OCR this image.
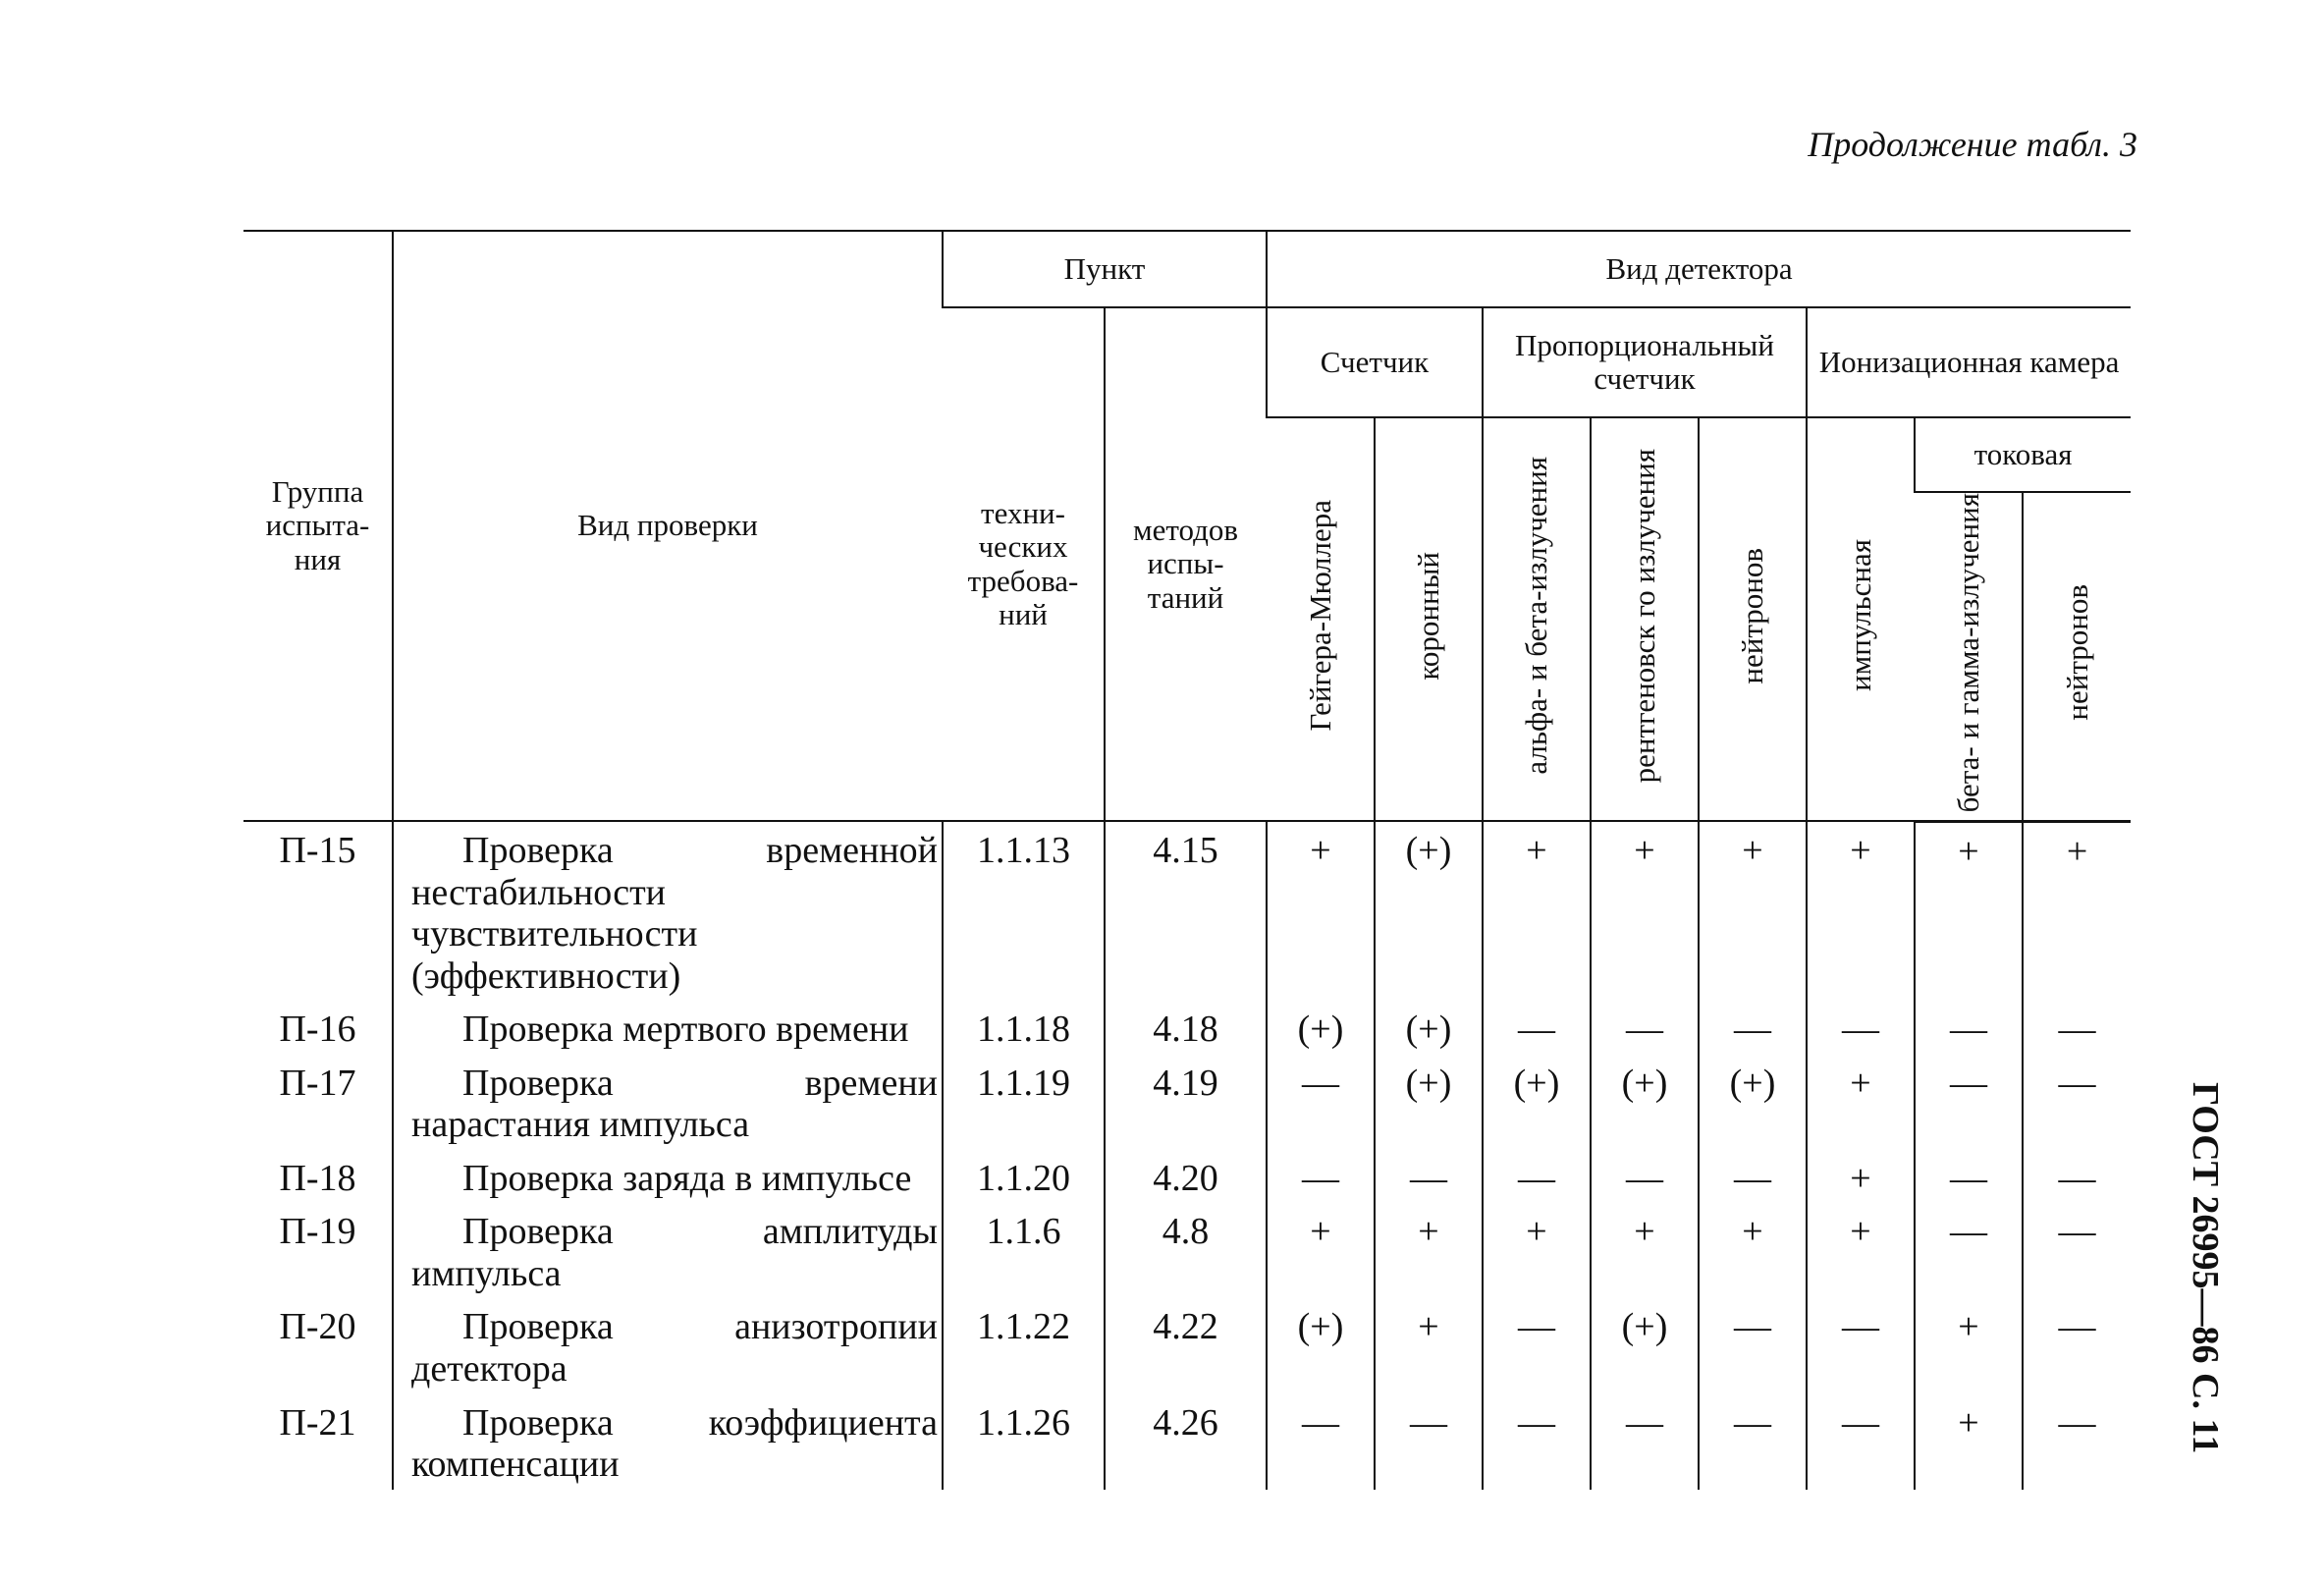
Продолжение табл. 3
ГОСТ 26995—86 С. 11
Группа испыта-ния	Вид проверки	Пункт		Вид детектора							
		техни-ческих требова-ний	методов испы-таний	Счетчик		Пропорциональный счетчик			Ионизационная камера		
				Гейгера-Мюллера	коронный	альфа- и бета-излучения	рентгеновск го излучения	нейтронов	импульсная	токовая	
										бета- и гамма-излучения	нейтронов
П-15	Проверка временной нестабильности чувствительности (эффективности)	1.1.13	4.15	+	(+)	+	+	+	+	+	+
П-16	Проверка мертвого времени	1.1.18	4.18	(+)	(+)	—	—	—	—	—	—
П-17	Проверка времени нарастания импульса	1.1.19	4.19	—	(+)	(+)	(+)	(+)	+	—	—
П-18	Проверка заряда в импульсе	1.1.20	4.20	—	—	—	—	—	+	—	—
П-19	Проверка амплитуды импульса	1.1.6	4.8	+	+	+	+	+	+	—	—
П-20	Проверка анизотропии детектора	1.1.22	4.22	(+)	+	—	(+)	—	—	+	—
П-21	Проверка коэффициента компенсации	1.1.26	4.26	—	—	—	—	—	—	+	—
